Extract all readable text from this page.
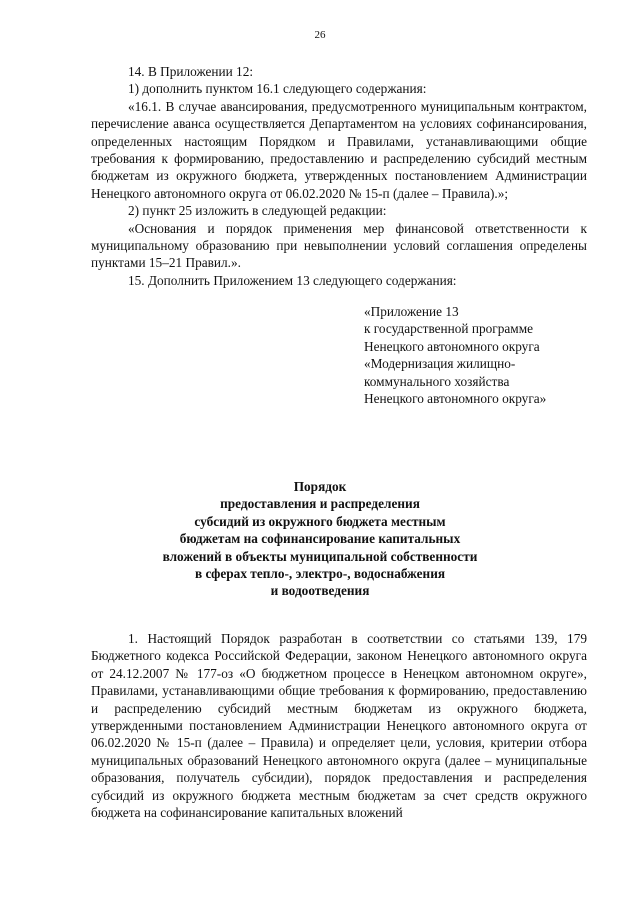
26

14. В Приложении 12:

1) дополнить пунктом 16.1 следующего содержания:

«16.1. В случае авансирования, предусмотренного муниципальным контрактом, перечисление аванса осуществляется Департаментом на условиях софинансирования, определенных настоящим Порядком и Правилами, устанавливающими общие требования к формированию, предоставлению и распределению субсидий местным бюджетам из окружного бюджета, утвержденных постановлением Администрации Ненецкого автономного округа от 06.02.2020 № 15-п (далее – Правила).»;

2) пункт 25 изложить в следующей редакции:

«Основания и порядок применения мер финансовой ответственности к муниципальному образованию при невыполнении условий соглашения определены пунктами 15–21 Правил.».

15. Дополнить Приложением 13 следующего содержания:

«Приложение 13
к государственной программе
Ненецкого автономного округа
«Модернизация жилищно-
коммунального хозяйства
Ненецкого автономного округа»
Порядок
предоставления и распределения
субсидий из окружного бюджета местным
бюджетам на софинансирование капитальных
вложений в объекты муниципальной собственности
в сферах тепло-, электро-, водоснабжения
и водоотведения

1. Настоящий Порядок разработан в соответствии со статьями 139, 179 Бюджетного кодекса Российской Федерации, законом Ненецкого автономного округа от 24.12.2007 № 177-оз «О бюджетном процессе в Ненецком автономном округе», Правилами, устанавливающими общие требования к формированию, предоставлению и распределению субсидий местным бюджетам из окружного бюджета, утвержденными постановлением Администрации Ненецкого автономного округа от 06.02.2020 № 15-п (далее – Правила) и определяет цели, условия, критерии отбора муниципальных образований Ненецкого автономного округа (далее – муниципальные образования, получатель субсидии), порядок предоставления и распределения субсидий из окружного бюджета местным бюджетам за счет средств окружного бюджета на софинансирование капитальных вложений
